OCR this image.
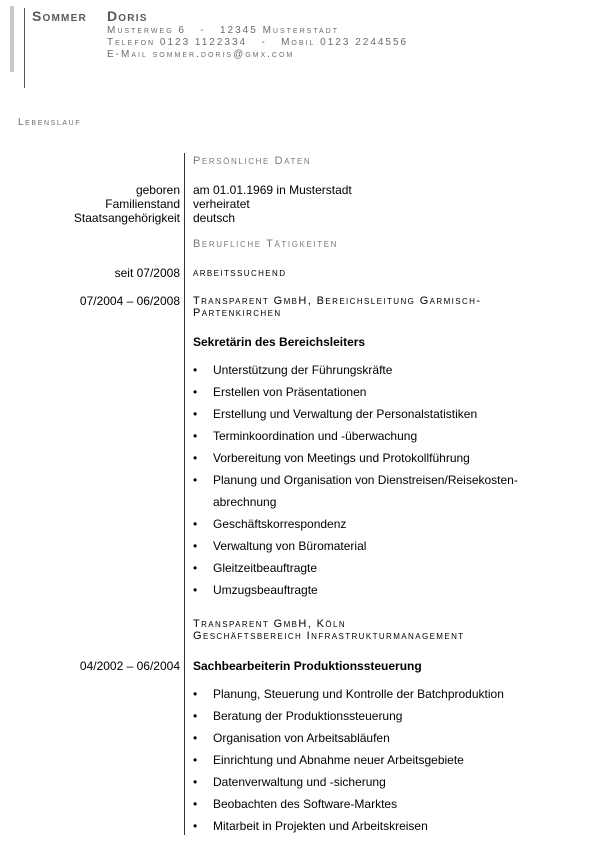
Sommer Doris
Musterweg 6   -   12345 Musterstadt
Telefon 0123 1122334   -   Mobil 0123 2244556
E-Mail sommer.doris@gmx.com
Lebenslauf
Persönliche Daten
geboren am 01.01.1969 in Musterstadt
Familienstand verheiratet
Staatsangehörigkeit deutsch
Berufliche Tätigkeiten
seit 07/2008 arbeitssuchend
07/2004 – 06/2008 Transparent GmbH, Bereichsleitung Garmisch-Partenkirchen
Sekretärin des Bereichsleiters
• Unterstützung der Führungskräfte
• Erstellen von Präsentationen
• Erstellung und Verwaltung der Personalstatistiken
• Terminkoordination und -überwachung
• Vorbereitung von Meetings und Protokollführung
• Planung und Organisation von Dienstreisen/Reisekosten-abrechnung
• Geschäftskorrespondenz
• Verwaltung von Büromaterial
• Gleitzeitbeauftragte
• Umzugsbeauftragte
Transparent GmbH, Köln
Geschäftsbereich Infrastrukturmanagement
04/2002 – 06/2004 Sachbearbeiterin Produktionssteuerung
• Planung, Steuerung und Kontrolle der Batchproduktion
• Beratung der Produktionssteuerung
• Organisation von Arbeitsabläufen
• Einrichtung und Abnahme neuer Arbeitsgebiete
• Datenverwaltung und -sicherung
• Beobachten des Software-Marktes
• Mitarbeit in Projekten und Arbeitskreisen
